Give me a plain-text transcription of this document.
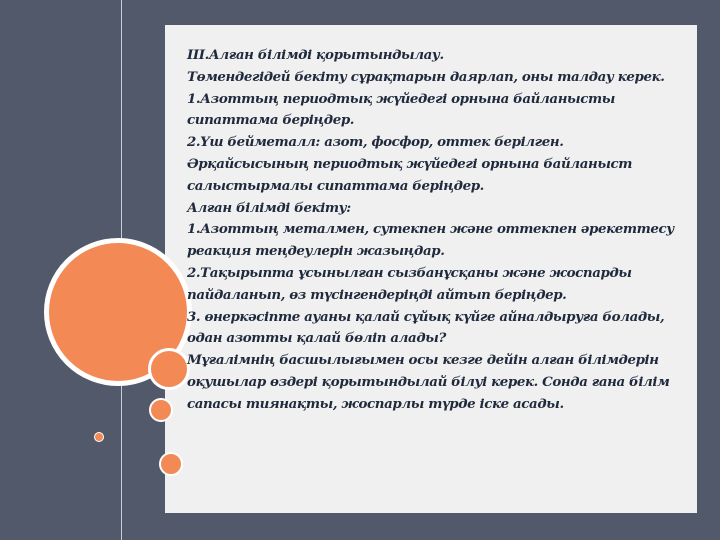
III.Алған білімді қорытындылау.

Төмендегідей бекіту сұрақтарын даярлап, оны талдау керек.

1.Азоттың периодтық жүйедегі орнына байланысты

сипаттама беріңдер.

2.Үш бейметалл: азот, фосфор, оттек берілген.

Әрқайсысының периодтық жүйедегі орнына байланыст

салыстырмалы сипаттама беріңдер.

Алған білімді бекіту:

1.Азоттың металмен, сутекпен және оттекпен әрекеттесу

реакция теңдеулерін жазыңдар.

2.Тақырыпта ұсынылған сызбанұсқаны және жоспарды

пайдаланып, өз түсінгендеріңді айтып беріңдер.

3. өнеркәсіпте ауаны қалай сұйық күйге айналдыруға болады,

одан азотты қалай бөліп алады?

Мұғалімнің басшылығымен осы кезге дейін алған білімдерін

оқушылар өздері қорытындылай білуі керек. Сонда ғана білім

сапасы тиянақты, жоспарлы түрде іске асады.
